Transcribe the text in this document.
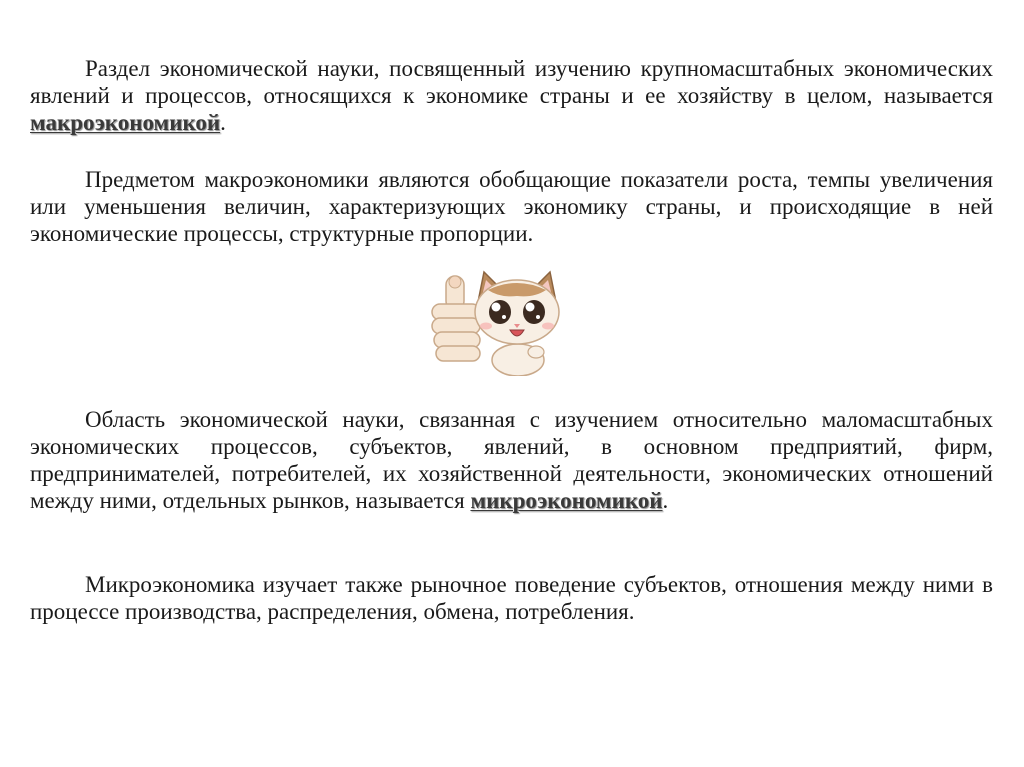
Раздел экономической науки, посвященный изучению крупномасштабных экономических явлений и процессов, относящихся к экономике страны и ее хозяйству в целом, называется макроэкономикой.

Предметом макроэкономики являются обобщающие показатели роста, темпы увеличения или уменьшения величин, характеризующих экономику страны, и происходящие в ней экономические процессы, структурные пропорции.

Область экономической науки, связанная с изучением относительно маломасштабных экономических процессов, субъектов, явлений, в основном предприятий, фирм, предпринимателей, потребителей, их хозяйственной деятельности, экономических отношений между ними, отдельных рынков, называется микроэкономикой.

Микроэкономика изучает также рыночное поведение субъектов, отношения между ними в процессе производства, распределения, обмена, потребления.
